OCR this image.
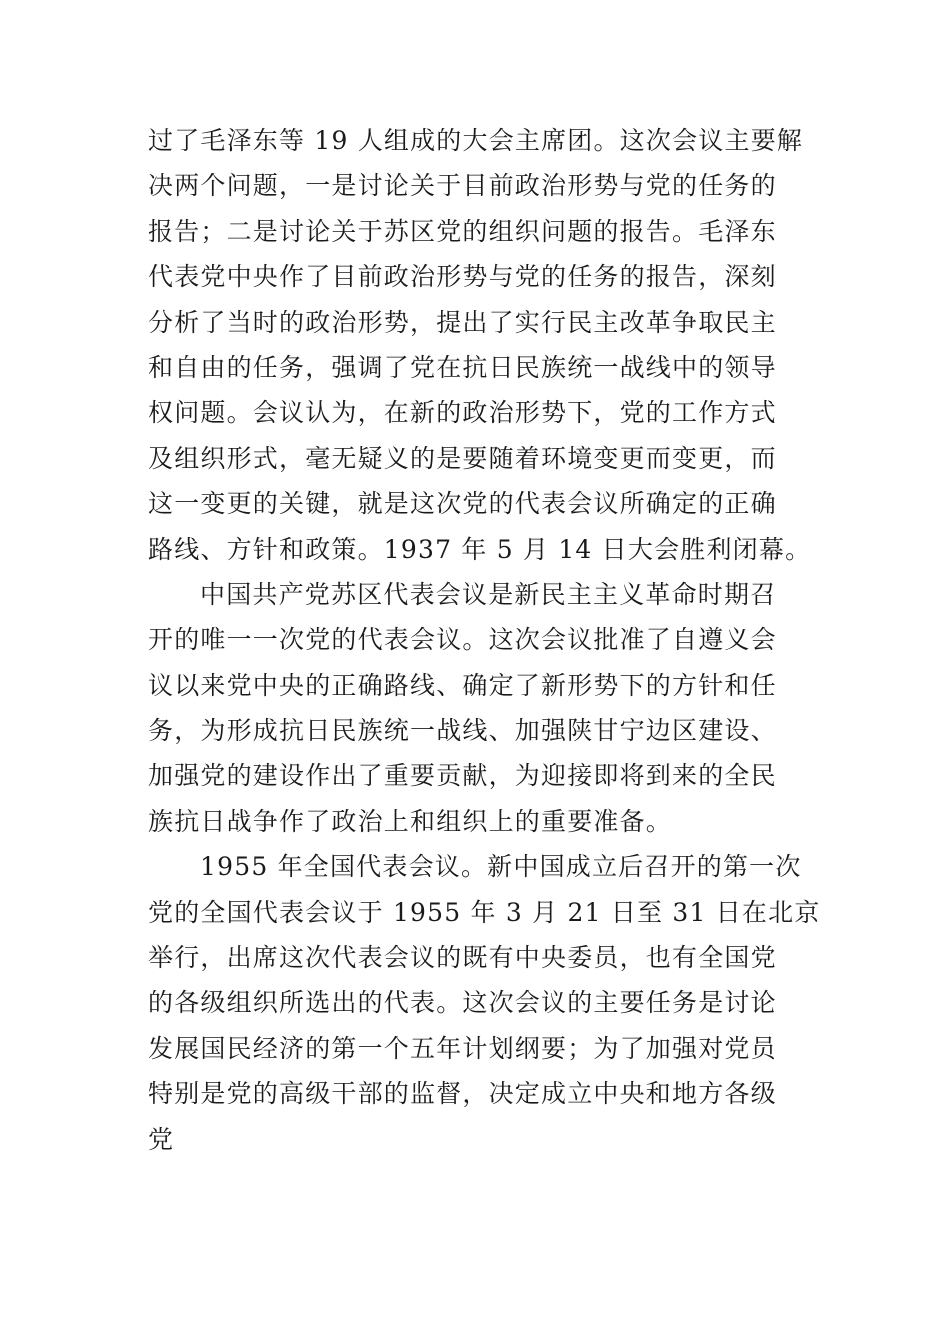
过了毛泽东等 19 人组成的大会主席团。这次会议主要解
决两个问题，一是讨论关于目前政治形势与党的任务的
报告；二是讨论关于苏区党的组织问题的报告。毛泽东
代表党中央作了目前政治形势与党的任务的报告，深刻
分析了当时的政治形势，提出了实行民主改革争取民主
和自由的任务，强调了党在抗日民族统一战线中的领导
权问题。会议认为，在新的政治形势下，党的工作方式
及组织形式，毫无疑义的是要随着环境变更而变更，而
这一变更的关键，就是这次党的代表会议所确定的正确
路线、方针和政策。1937 年 5 月 14 日大会胜利闭幕。
中国共产党苏区代表会议是新民主主义革命时期召
开的唯一一次党的代表会议。这次会议批准了自遵义会
议以来党中央的正确路线、确定了新形势下的方针和任
务，为形成抗日民族统一战线、加强陕甘宁边区建设、
加强党的建设作出了重要贡献，为迎接即将到来的全民
族抗日战争作了政治上和组织上的重要准备。
1955 年全国代表会议。新中国成立后召开的第一次
党的全国代表会议于 1955 年 3 月 21 日至 31 日在北京
举行，出席这次代表会议的既有中央委员，也有全国党
的各级组织所选出的代表。这次会议的主要任务是讨论
发展国民经济的第一个五年计划纲要；为了加强对党员
特别是党的高级干部的监督，决定成立中央和地方各级
党
